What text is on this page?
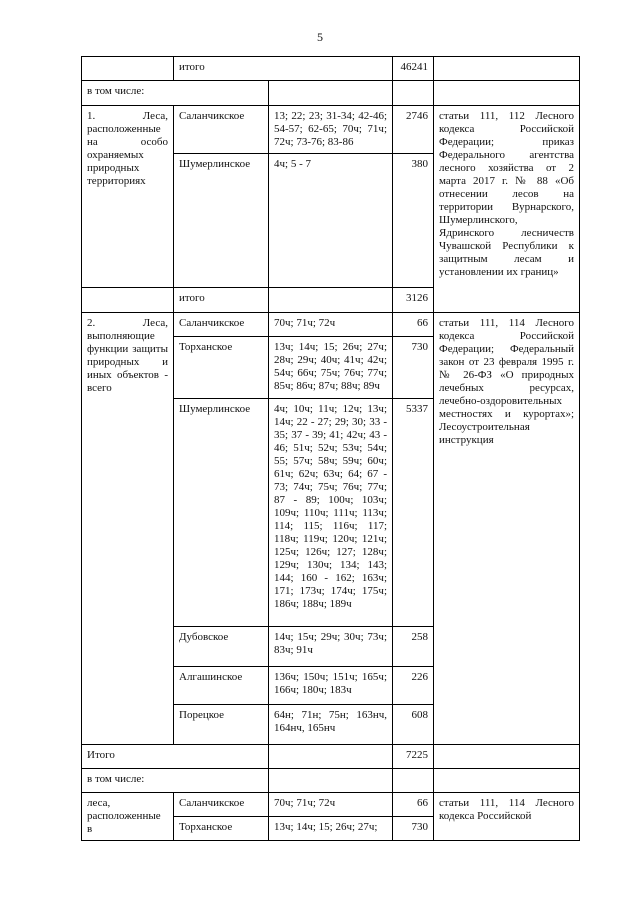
5
	итого		46241	
в том числе:				
1. Леса, расположенные на особо охраняемых природных территориях	Саланчикское	13; 22; 23; 31-34; 42-46; 54-57; 62-65; 70ч; 71ч; 72ч; 73-76; 83-86	2746	статьи 111, 112 Лесного кодекса Российской Федерации; приказ Федерального агентства лесного хозяйства от 2 марта 2017 г. № 88 «Об отнесении лесов на территории Вурнарского, Шумерлинского, Ядринского лесничеств Чувашской Республики к защитным лесам и установлении их границ»
	Шумерлинское	4ч; 5 - 7	380	
	итого		3126	
2. Леса, выполняющие функции защиты природных и иных объектов - всего	Саланчикское	70ч; 71ч; 72ч	66	статьи 111, 114 Лесного кодекса Российской Федерации; Федеральный закон от 23 февраля 1995 г. № 26-ФЗ «О природных лечебных ресурсах, лечебно-оздоровительных местностях и курортах»; Лесоустроительная инструкция
	Торханское	13ч; 14ч; 15; 26ч; 27ч; 28ч; 29ч; 40ч; 41ч; 42ч; 54ч; 66ч; 75ч; 76ч; 77ч; 85ч; 86ч; 87ч; 88ч; 89ч	730	
	Шумерлинское	4ч; 10ч; 11ч; 12ч; 13ч; 14ч; 22 - 27; 29; 30; 33 - 35; 37 - 39; 41; 42ч; 43 - 46; 51ч; 52ч; 53ч; 54ч; 55; 57ч; 58ч; 59ч; 60ч; 61ч; 62ч; 63ч; 64; 67 - 73; 74ч; 75ч; 76ч; 77ч; 87 - 89; 100ч; 103ч; 109ч; 110ч; 111ч; 113ч; 114; 115; 116ч; 117; 118ч; 119ч; 120ч; 121ч; 125ч; 126ч; 127; 128ч; 129ч; 130ч; 134; 143; 144; 160 - 162; 163ч; 171; 173ч; 174ч; 175ч; 186ч; 188ч; 189ч	5337	
	Дубовское	14ч; 15ч; 29ч; 30ч; 73ч; 83ч; 91ч	258	
	Алгашинское	136ч; 150ч; 151ч; 165ч; 166ч; 180ч; 183ч	226	
	Порецкое	64н; 71н; 75н; 163нч, 164нч, 165нч	608	
Итого			7225	
в том числе:				
леса, расположенные в	Саланчикское	70ч; 71ч; 72ч	66	статьи 111, 114 Лесного кодекса Российской
	Торханское	13ч; 14ч; 15; 26ч; 27ч;	730	
